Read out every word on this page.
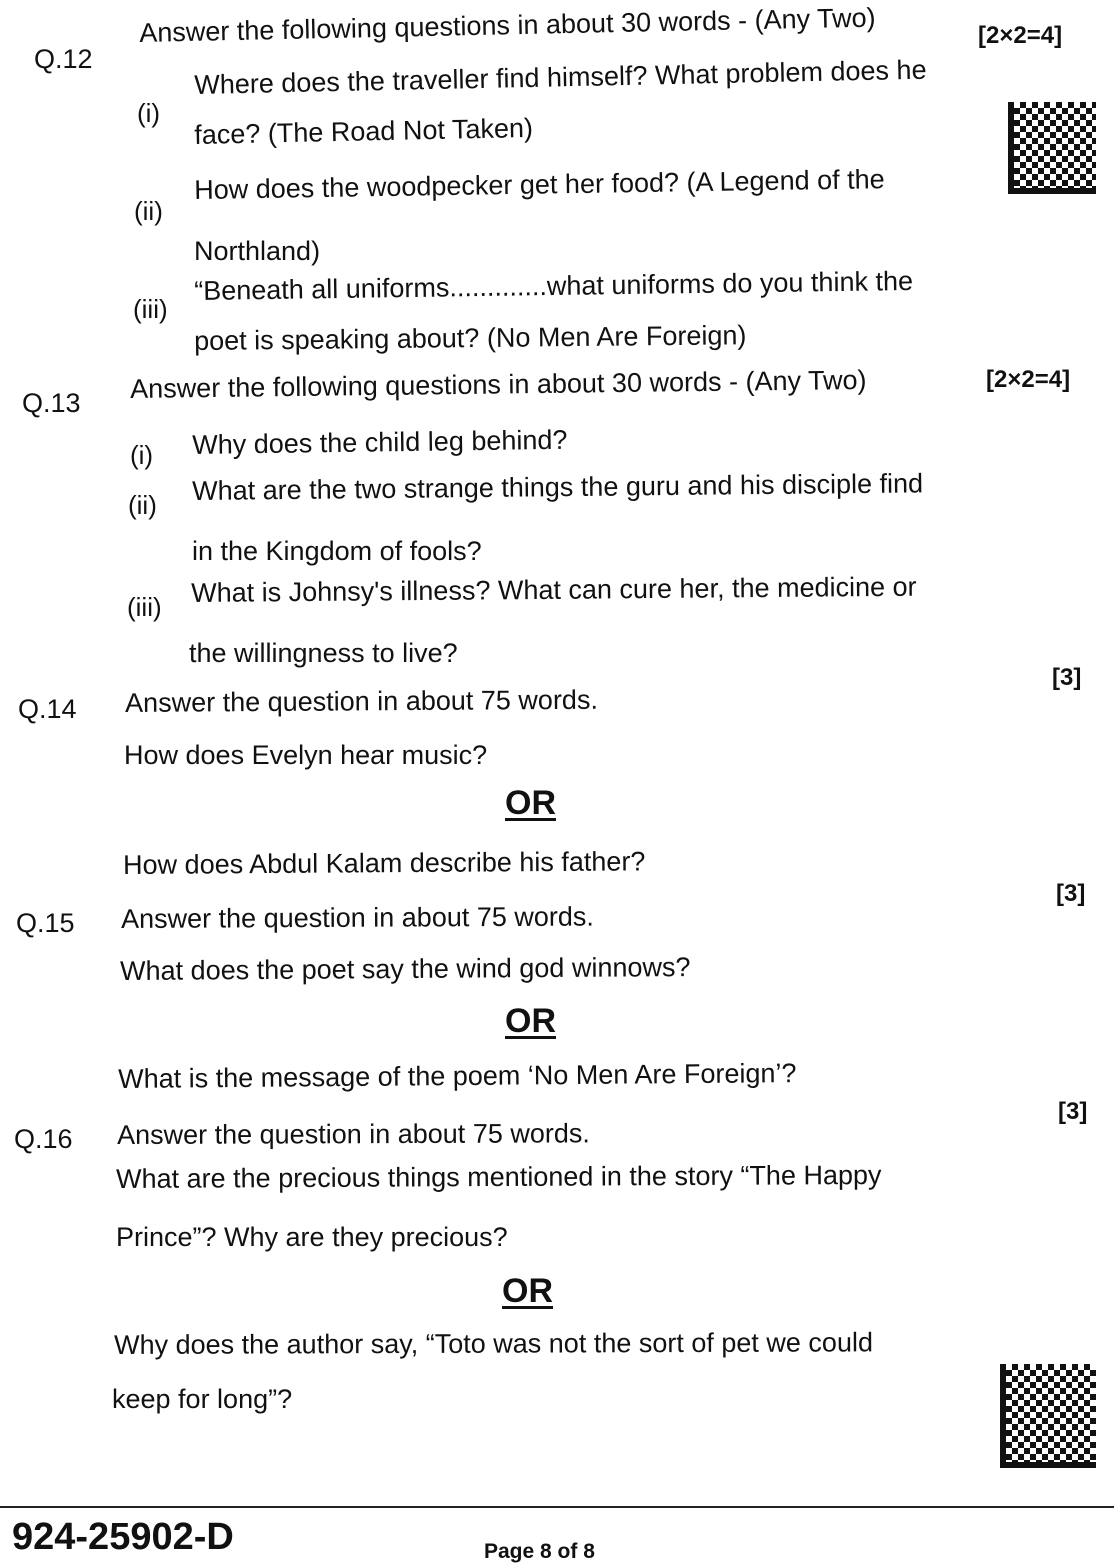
Q.12
Answer the following questions in about 30 words - (Any Two)	[2×2=4]
(i)
Where does the traveller find himself? What problem does he
face? (The Road Not Taken)
(ii)
How does the woodpecker get her food? (A Legend of the
Northland)
(iii)
“Beneath all uniforms.............what uniforms do you think the
poet is speaking about? (No Men Are Foreign)
Q.13 Answer the following questions in about 30 words - (Any Two)	[2×2=4]
(i) Why does the child leg behind?
(ii) What are the two strange things the guru and his disciple find
in the Kingdom of fools?
(iii) What is Johnsy's illness? What can cure her, the medicine or
the willingness to live?
Q.14 Answer the question in about 75 words.
[3]
How does Evelyn hear music?
OR
How does Abdul Kalam describe his father?
Q.15 Answer the question in about 75 words.
[3]
What does the poet say the wind god winnows?
OR
What is the message of the poem ‘No Men Are Foreign’?
Q.16 Answer the question in about 75 words.
[3]
What are the precious things mentioned in the story “The Happy
Prince”? Why are they precious?
OR
Why does the author say, “Toto was not the sort of pet we could
keep for long”?
924-25902-D	Page 8 of 8
